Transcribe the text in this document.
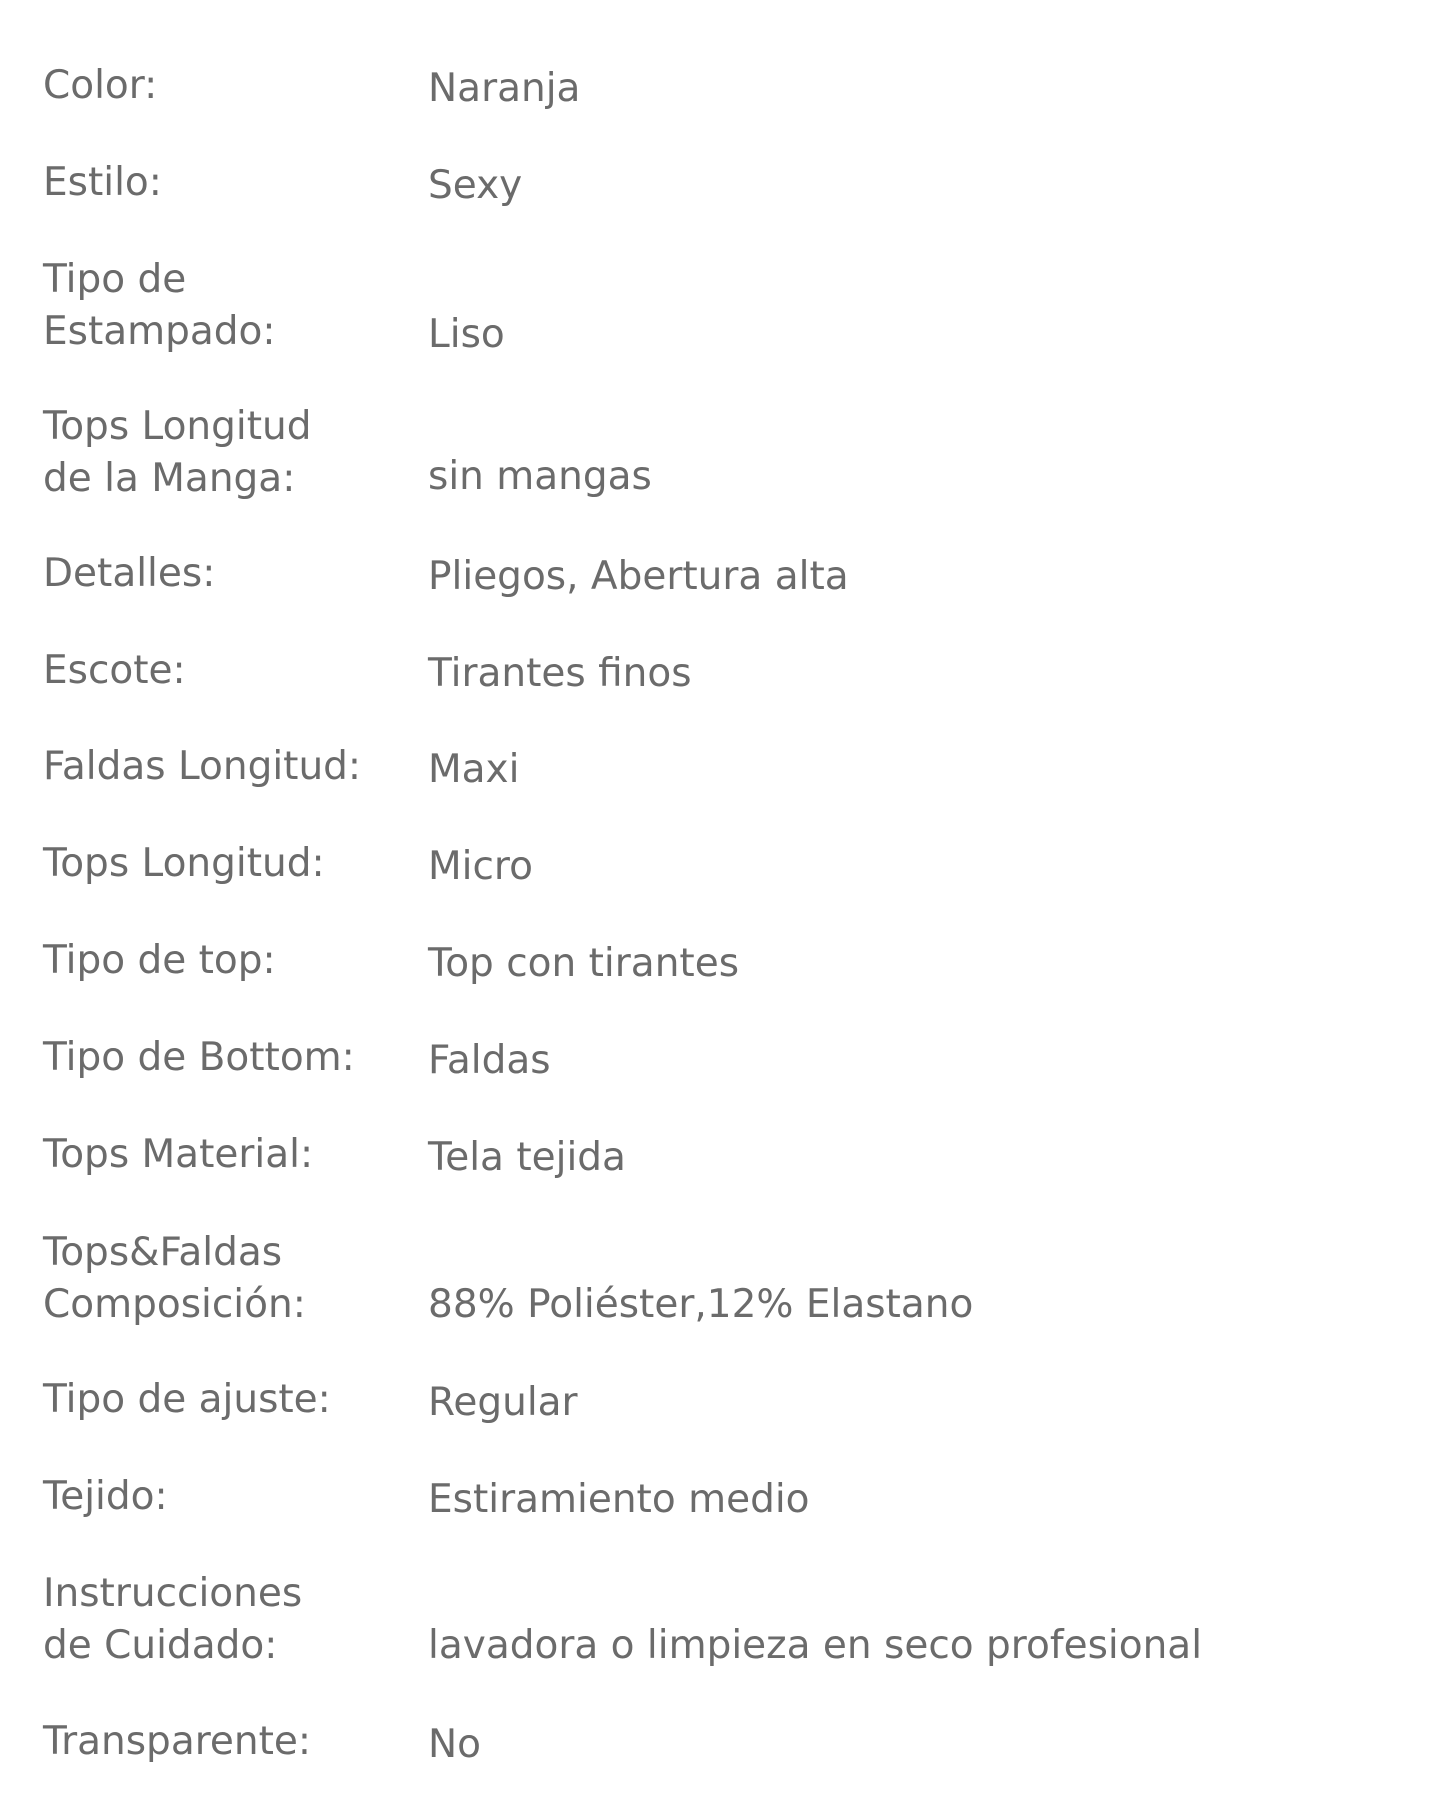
Color:	Naranja
Estilo:	Sexy
Tipo de
Estampado:	Liso
Tops Longitud
de la Manga:	sin mangas
Detalles:	Pliegos, Abertura alta
Escote:	Tirantes finos
Faldas Longitud: Maxi
Tops Longitud:	Micro
Tipo de top:	Top con tirantes
Tipo de Bottom: Faldas
Tops Material:	Tela tejida
Tops&Faldas
Composición:	88% Poliéster,12% Elastano
Tipo de ajuste: Regular
Tejido:	Estiramiento medio
Instrucciones
de Cuidado:	lavadora o limpieza en seco profesional
Transparente:	No
